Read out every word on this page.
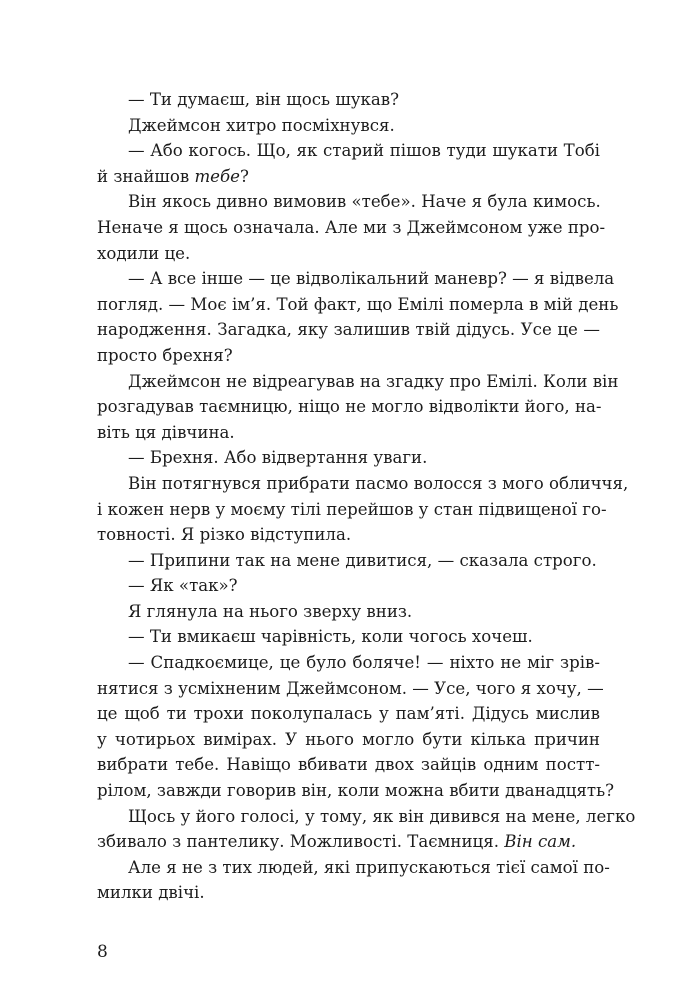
— Ти думаєш, він щось шукав?
Джеймсон хитро посміхнувся.
— Або когось. Що, як старий пішов туди шукати Тобі
й знайшов тебе?
Він якось дивно вимовив «тебе». Наче я була кимось.
Неначе я щось означала. Але ми з Джеймсоном уже про-
ходили це.
— А все інше — це відволікальний маневр? — я відвела
погляд. — Моє ім’я. Той факт, що Емілі померла в мій день
народження. Загадка, яку залишив твій дідусь. Усе це —
просто брехня?
Джеймсон не відреагував на згадку про Емілі. Коли він
розгадував таємницю, ніщо не могло відволікти його, на-
віть ця дівчина.
— Брехня. Або відвертання уваги.
Він потягнувся прибрати пасмо волосся з мого обличчя,
і кожен нерв у моєму тілі перейшов у стан підвищеної го-
товності. Я різко відступила.
— Припини так на мене дивитися, — сказала строго.
— Як «так»?
Я глянула на нього зверху вниз.
— Ти вмикаєш чарівність, коли чогось хочеш.
— Спадкоємице, це було боляче! — ніхто не міг зрів-
нятися з усміхненим Джеймсоном. — Усе, чого я хочу, —
це щоб ти трохи поколупалась у пам’яті. Дідусь мислив
у чотирьох вимірах. У нього могло бути кілька причин
вибрати тебе. Навіщо вбивати двох зайців одним постт-
рілом, завжди говорив він, коли можна вбити дванадцять?
Щось у його голосі, у тому, як він дивився на мене, легко
збивало з пантелику. Можливості. Таємниця. Він сам.
Але я не з тих людей, які припускаються тієї самої по-
милки двічі.
8
